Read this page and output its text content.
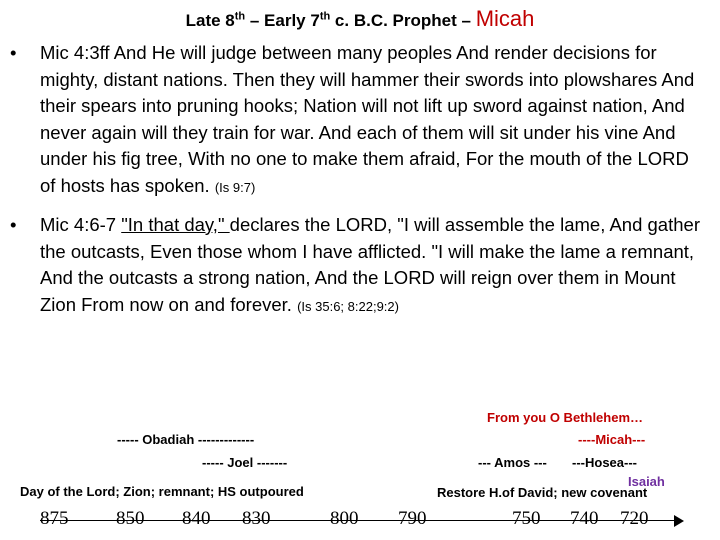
Late 8th – Early 7th c. B.C. Prophet – Micah
• Mic 4:3ff And He will judge between many peoples And render decisions for mighty, distant nations. Then they will hammer their swords into plowshares And their spears into pruning hooks; Nation will not lift up sword against nation, And never again will they train for war. And each of them will sit under his vine And under his fig tree, With no one to make them afraid, For the mouth of the LORD of hosts has spoken. (Is 9:7)
• Mic 4:6-7 "In that day," declares the LORD, "I will assemble the lame, And gather the outcasts, Even those whom I have afflicted. "I will make the lame a remnant, And the outcasts a strong nation, And the LORD will reign over them in Mount Zion From now on and forever. (Is 35:6; 8:22;9:2)
From you O Bethlehem…
----Micah---
----- Obadiah -------------
----- Joel -------	--- Amos --- ---Hosea---
Isaiah
Day of the Lord; Zion; remnant; HS outpoured	Restore H.of David; new covenant
875	850 840 830	800 790	750 740 720
